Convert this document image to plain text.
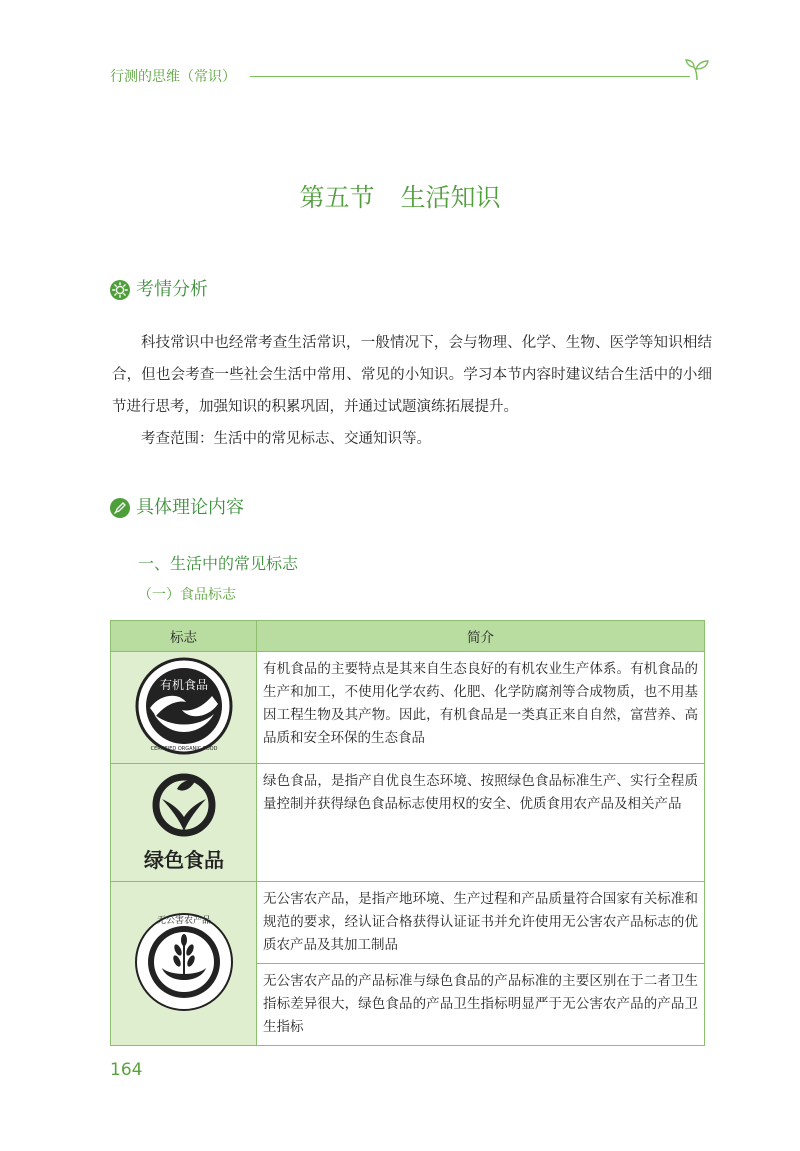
行测的思维（常识）
第五节 生活知识
考情分析

科技常识中也经常考查生活常识，一般情况下，会与物理、化学、生物、医学等知识相结合，但也会考查一些社会生活中常用、常见的小知识。学习本节内容时建议结合生活中的小细节进行思考，加强知识的积累巩固，并通过试题演练拓展提升。

考查范围：生活中的常见标志、交通知识等。

具体理论内容
一、生活中的常见标志
（一）食品标志
标志	简介

有机食品
CERTIFIED ORGANIC FOOD	有机食品的主要特点是其来自生态良好的有机农业生产体系。有机食品的生产和加工，不使用化学农药、化肥、化学防腐剂等合成物质，也不用基因工程生物及其产物。因此，有机食品是一类真正来自自然，富营养、高品质和安全环保的生态食品

绿色食品	绿色食品，是指产自优良生态环境、按照绿色食品标准生产、实行全程质量控制并获得绿色食品标志使用权的安全、优质食用农产品及相关产品

无公害农产品	无公害农产品，是指产地环境、生产过程和产品质量符合国家有关标准和规范的要求，经认证合格获得认证证书并允许使用无公害农产品标志的优质农产品及其加工制品
	无公害农产品的产品标准与绿色食品的产品标准的主要区别在于二者卫生指标差异很大，绿色食品的产品卫生指标明显严于无公害农产品的产品卫生指标
164
